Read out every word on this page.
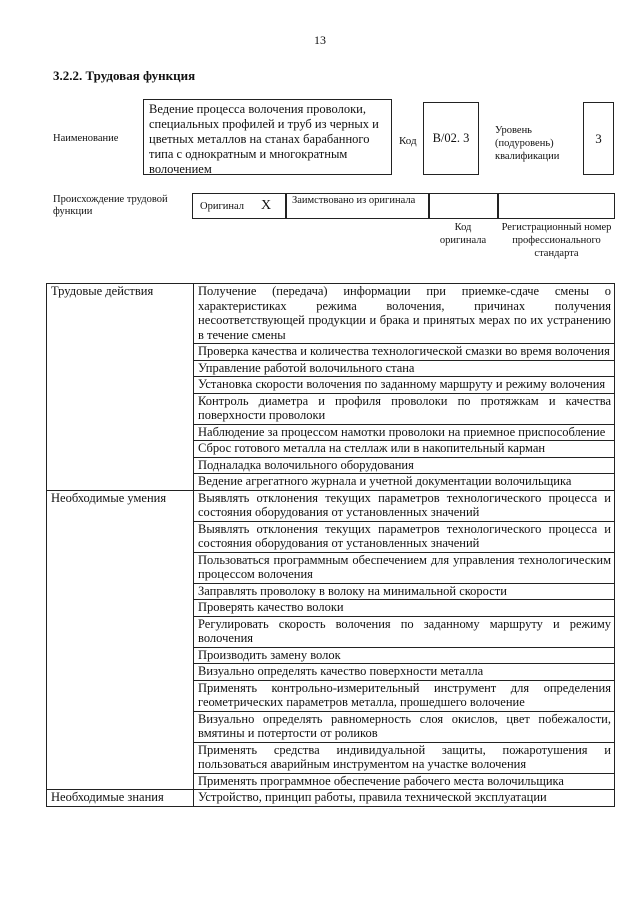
13
3.2.2. Трудовая функция
Наименование
Ведение процесса волочения проволоки, специальных профилей и труб из черных и цветных металлов на станах барабанного типа с однократным и многократным волочением
Код B/02. 3
Уровень (подуровень) квалификации
3
Происхождение трудовой функции	Оригинал X Заимствовано из оригинала
Код оригинала
Регистрационный номер профессионального стандарта
Трудовые действия	Получение (передача) информации при приемке-сдаче смены о характеристиках режима волочения, причинах получения несоответствующей продукции и брака и принятых мерах по их устранению в течение смены
	Проверка качества и количества технологической смазки во время волочения
	Управление работой волочильного стана
	Установка скорости волочения по заданному маршруту и режиму волочения
	Контроль диаметра и профиля проволоки по протяжкам и качества поверхности проволоки
	Наблюдение за процессом намотки проволоки на приемное приспособление
	Сброс готового металла на стеллаж или в накопительный карман
	Подналадка волочильного оборудования
	Ведение агрегатного журнала и учетной документации волочильщика
Необходимые умения	Выявлять отклонения текущих параметров технологического процесса и состояния оборудования от установленных значений
	Выявлять отклонения текущих параметров технологического процесса и состояния оборудования от установленных значений
	Пользоваться программным обеспечением для управления технологическим процессом волочения
	Заправлять проволоку в волоку на минимальной скорости
	Проверять качество волоки
	Регулировать скорость волочения по заданному маршруту и режиму волочения
	Производить замену волок
	Визуально определять качество поверхности металла
	Применять контрольно-измерительный инструмент для определения геометрических параметров металла, прошедшего волочение
	Визуально определять равномерность слоя окислов, цвет побежалости, вмятины и потертости от роликов
	Применять средства индивидуальной защиты, пожаротушения и пользоваться аварийным инструментом на участке волочения
	Применять программное обеспечение рабочего места волочильщика
Необходимые знания	Устройство, принцип работы, правила технической эксплуатации
